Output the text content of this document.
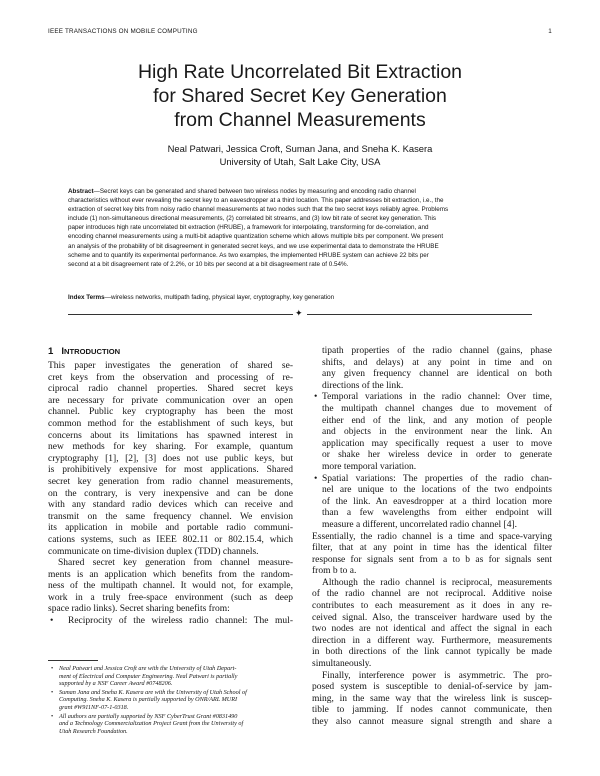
IEEE TRANSACTIONS ON MOBILE COMPUTING	1
High Rate Uncorrelated Bit Extraction
for Shared Secret Key Generation
from Channel Measurements
Neal Patwari, Jessica Croft, Suman Jana, and Sneha K. Kasera
University of Utah, Salt Lake City, USA
Abstract—Secret keys can be generated and shared between two wireless nodes by measuring and encoding radio channel
characteristics without ever revealing the secret key to an eavesdropper at a third location. This paper addresses bit extraction, i.e., the
extraction of secret key bits from noisy radio channel measurements at two nodes such that the two secret keys reliably agree. Problems
include (1) non-simultaneous directional measurements, (2) correlated bit streams, and (3) low bit rate of secret key generation. This
paper introduces high rate uncorrelated bit extraction (HRUBE), a framework for interpolating, transforming for de-correlation, and
encoding channel measurements using a multi-bit adaptive quantization scheme which allows multiple bits per component. We present
an analysis of the probability of bit disagreement in generated secret keys, and we use experimental data to demonstrate the HRUBE
scheme and to quantify its experimental performance. As two examples, the implemented HRUBE system can achieve 22 bits per
second at a bit disagreement rate of 2.2%, or 10 bits per second at a bit disagreement rate of 0.54%.
Index Terms—wireless networks, multipath fading, physical layer, cryptography, key generation
✦
1 INTRODUCTION
This paper investigates the generation of shared se-
cret keys from the observation and processing of re-
ciprocal radio channel properties. Shared secret keys
are necessary for private communication over an open
channel. Public key cryptography has been the most
common method for the establishment of such keys, but
concerns about its limitations has spawned interest in
new methods for key sharing. For example, quantum
cryptography [1], [2], [3] does not use public keys, but
is prohibitively expensive for most applications. Shared
secret key generation from radio channel measurements,
on the contrary, is very inexpensive and can be done
with any standard radio devices which can receive and
transmit on the same frequency channel. We envision
its application in mobile and portable radio communi-
cations systems, such as IEEE 802.11 or 802.15.4, which
communicate on time-division duplex (TDD) channels.
Shared secret key generation from channel measure-
ments is an application which benefits from the random-
ness of the multipath channel. It would not, for example,
work in a truly free-space environment (such as deep
space radio links). Secret sharing benefits from:
•	Reciprocity of the wireless radio channel: The mul-
• Neal Patwari and Jessica Croft are with the University of Utah Depart-
ment of Electrical and Computer Engineering. Neal Patwari is partially
supported by a NSF Career Award #0748206.
• Suman Jana and Sneha K. Kasera are with the University of Utah School of
Computing. Sneha K. Kasera is partially supported by ONR/ARL MURI
grant #W911NF-07-1-0318.
• All authors are partially supported by NSF CyberTrust Grant #0831490
and a Technology Commercialization Project Grant from the University of
Utah Research Foundation.
tipath properties of the radio channel (gains, phase
shifts, and delays) at any point in time and on
any given frequency channel are identical on both
directions of the link.
• Temporal variations in the radio channel: Over time,
the multipath channel changes due to movement of
either end of the link, and any motion of people
and objects in the environment near the link. An
application may specifically request a user to move
or shake her wireless device in order to generate
more temporal variation.
• Spatial variations: The properties of the radio chan-
nel are unique to the locations of the two endpoints
of the link. An eavesdropper at a third location more
than a few wavelengths from either endpoint will
measure a different, uncorrelated radio channel [4].
Essentially, the radio channel is a time and space-varying
filter, that at any point in time has the identical filter
response for signals sent from a to b as for signals sent
from b to a.
Although the radio channel is reciprocal, measurements
of the radio channel are not reciprocal. Additive noise
contributes to each measurement as it does in any re-
ceived signal. Also, the transceiver hardware used by the
two nodes are not identical and affect the signal in each
direction in a different way. Furthermore, measurements
in both directions of the link cannot typically be made
simultaneously.
Finally, interference power is asymmetric. The pro-
posed system is susceptible to denial-of-service by jam-
ming, in the same way that the wireless link is suscep-
tible to jamming. If nodes cannot communicate, then
they also cannot measure signal strength and share a
